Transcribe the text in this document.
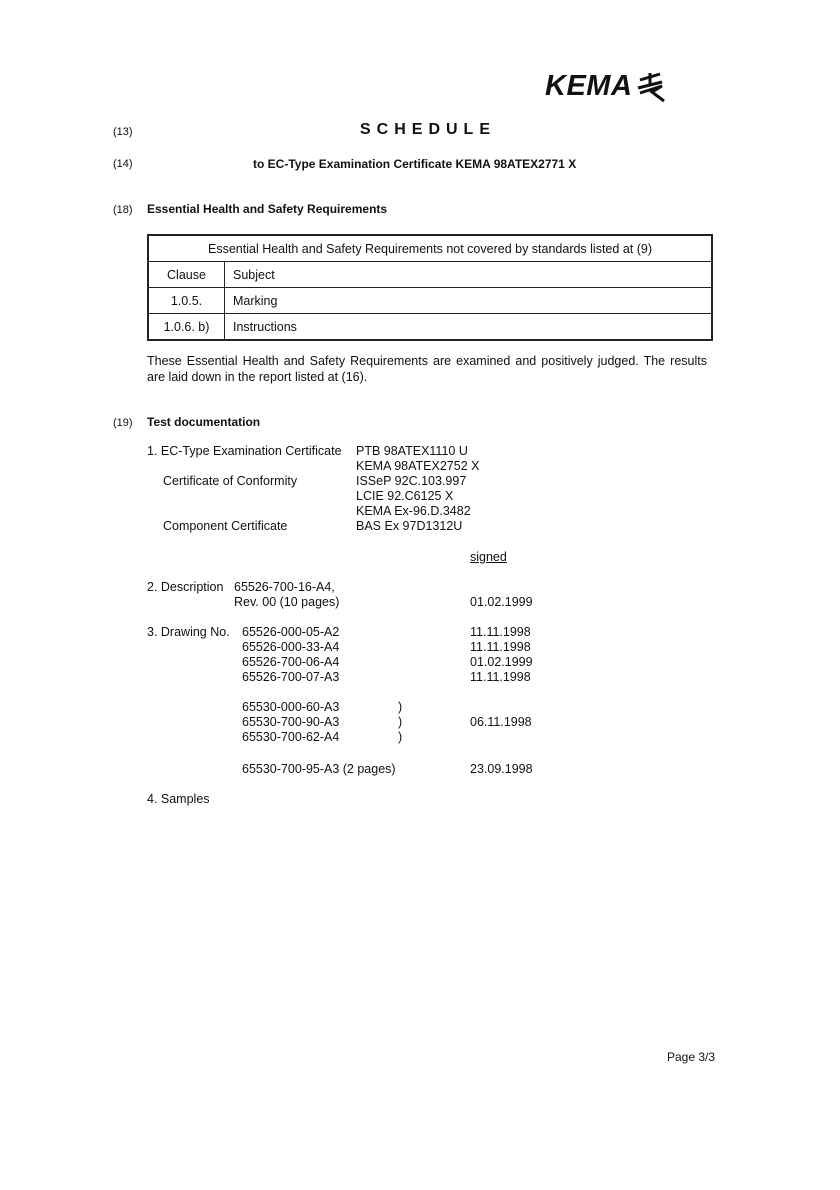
KEMA
(13)	SCHEDULE
(14)	to EC-Type Examination Certificate KEMA 98ATEX2771 X
(18) Essential Health and Safety Requirements
Essential Health and Safety Requirements not covered by standards listed at (9)
Clause	Subject
1.0.5.	Marking
1.0.6. b)	Instructions
These Essential Health and Safety Requirements are examined and positively judged. The results are laid down in the report listed at (16).
(19) Test documentation
1. EC-Type Examination Certificate PTB 98ATEX1110 U
KEMA 98ATEX2752 X
Certificate of Conformity	ISSeP 92C.103.997
LCIE 92.C6125 X
KEMA Ex-96.D.3482
Component Certificate	BAS Ex 97D1312U
signed
2. Description 65526-700-16-A4,
Rev. 00 (10 pages)	01.02.1999
3. Drawing No. 65526-000-05-A2	11.11.1998
65526-000-33-A4	11.11.1998
65526-700-06-A4	01.02.1999
65526-700-07-A3	11.11.1998
65530-000-60-A3	)
65530-700-90-A3	)	06.11.1998
65530-700-62-A4	)
65530-700-95-A3 (2 pages)	23.09.1998
4. Samples
Page 3/3
